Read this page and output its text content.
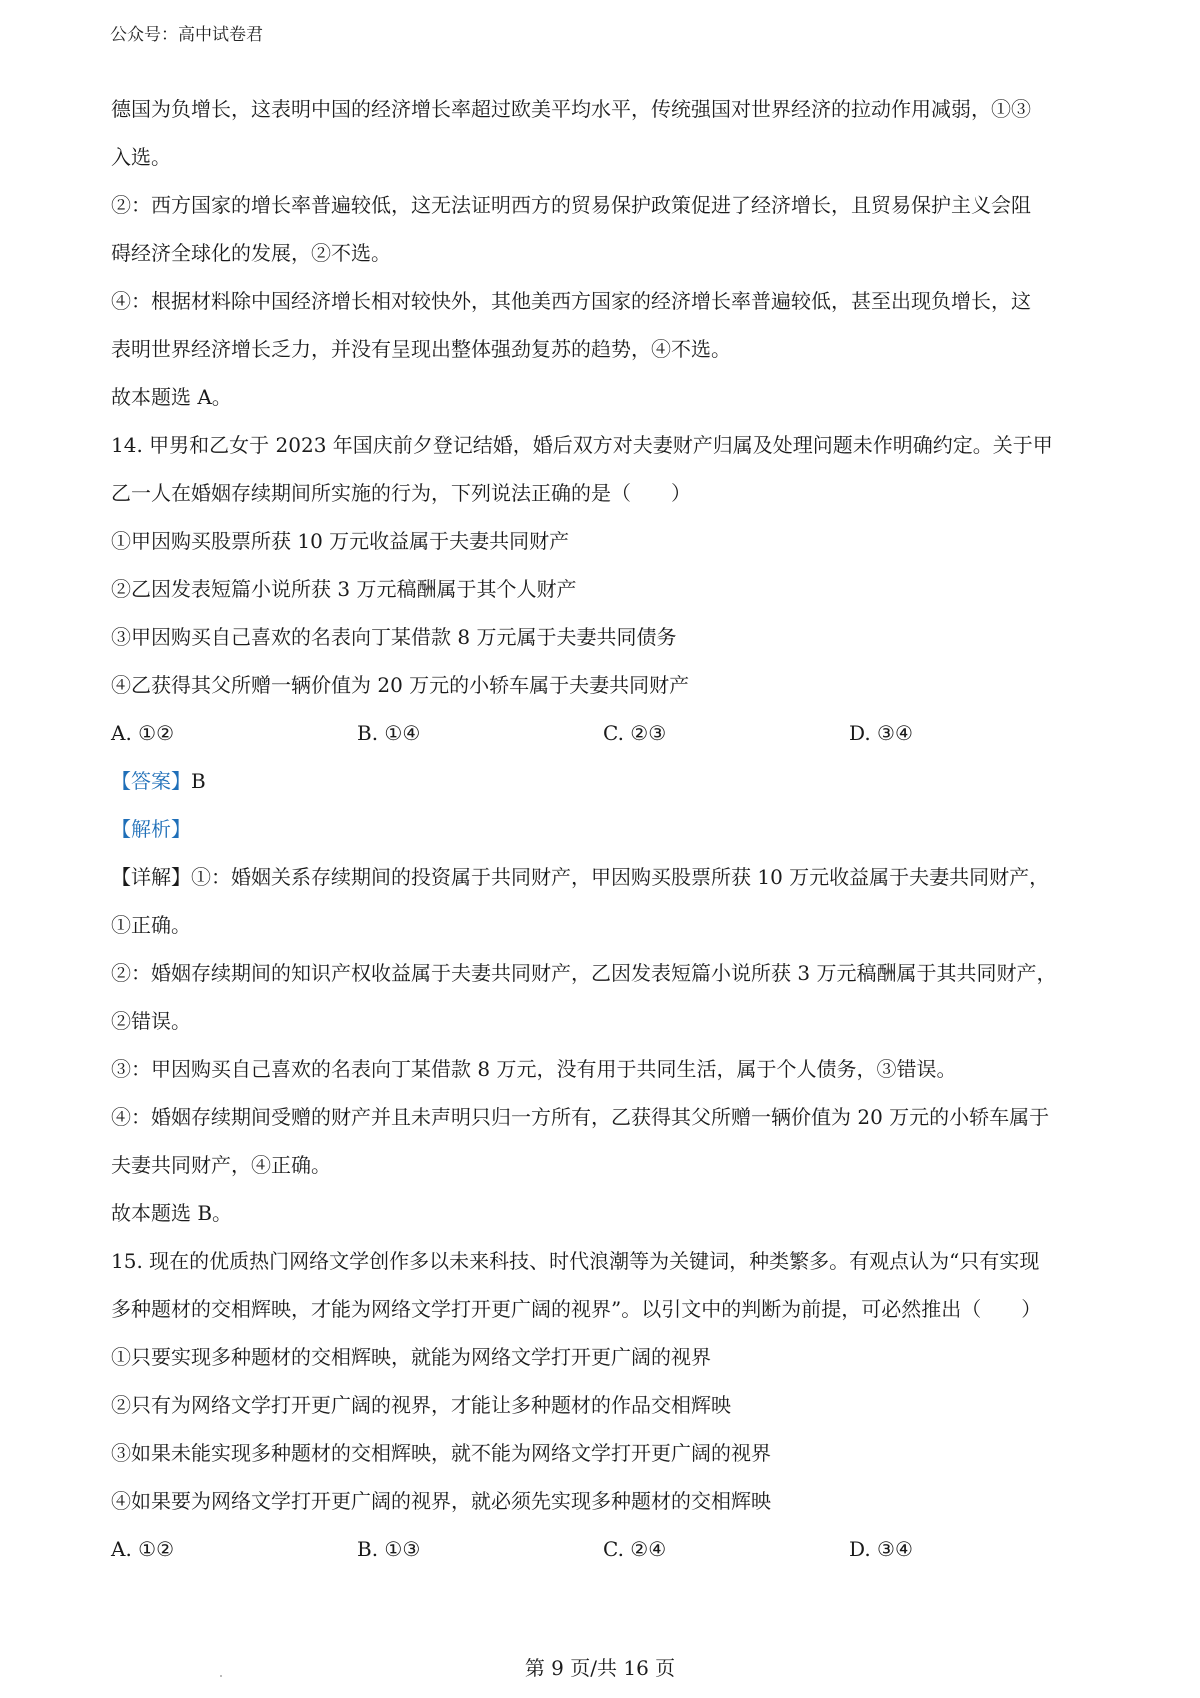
公众号：高中试卷君

德国为负增长，这表明中国的经济增长率超过欧美平均水平，传统强国对世界经济的拉动作用减弱，①③

入选。

②：西方国家的增长率普遍较低，这无法证明西方的贸易保护政策促进了经济增长，且贸易保护主义会阻

碍经济全球化的发展，②不选。

④：根据材料除中国经济增长相对较快外，其他美西方国家的经济增长率普遍较低，甚至出现负增长，这

表明世界经济增长乏力，并没有呈现出整体强劲复苏的趋势，④不选。

故本题选 A。

14. 甲男和乙女于 2023 年国庆前夕登记结婚，婚后双方对夫妻财产归属及处理问题未作明确约定。关于甲

乙一人在婚姻存续期间所实施的行为，下列说法正确的是（　　）

①甲因购买股票所获 10 万元收益属于夫妻共同财产

②乙因发表短篇小说所获 3 万元稿酬属于其个人财产

③甲因购买自己喜欢的名表向丁某借款 8 万元属于夫妻共同债务

④乙获得其父所赠一辆价值为 20 万元的小轿车属于夫妻共同财产

A. ①②	B. ①④	C. ②③	D. ③④

【答案】B

【解析】

【详解】①：婚姻关系存续期间的投资属于共同财产，甲因购买股票所获 10 万元收益属于夫妻共同财产，

①正确。

②：婚姻存续期间的知识产权收益属于夫妻共同财产，乙因发表短篇小说所获 3 万元稿酬属于其共同财产，

②错误。

③：甲因购买自己喜欢的名表向丁某借款 8 万元，没有用于共同生活，属于个人债务，③错误。

④：婚姻存续期间受赠的财产并且未声明只归一方所有，乙获得其父所赠一辆价值为 20 万元的小轿车属于

夫妻共同财产，④正确。

故本题选 B。

15. 现在的优质热门网络文学创作多以未来科技、时代浪潮等为关键词，种类繁多。有观点认为“只有实现

多种题材的交相辉映，才能为网络文学打开更广阔的视界”。以引文中的判断为前提，可必然推出（　　）

①只要实现多种题材的交相辉映，就能为网络文学打开更广阔的视界

②只有为网络文学打开更广阔的视界，才能让多种题材的作品交相辉映

③如果未能实现多种题材的交相辉映，就不能为网络文学打开更广阔的视界

④如果要为网络文学打开更广阔的视界，就必须先实现多种题材的交相辉映

A. ①②	B. ①③	C. ②④	D. ③④
第 9 页/共 16 页
